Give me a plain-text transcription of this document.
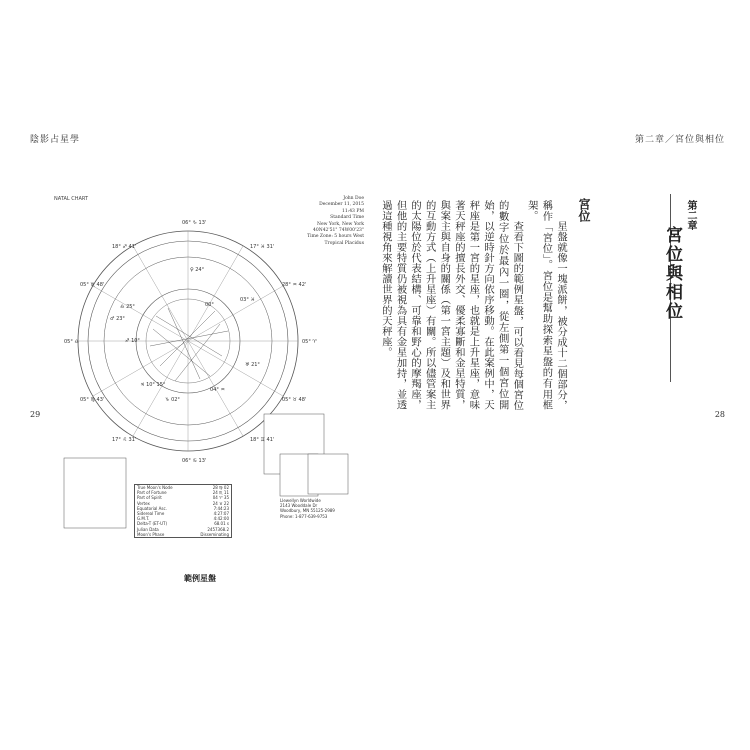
陰影占星學
06° ♑ 13'
18° ♐ 41'
05° ♏ 48'
05° ♎
05° ♍ 43'
17° ♌ 31'
06° ♋ 13'
18° ♊ 41'
05° ♉ 48'
05° ♈
28° ♒ 42'
17° ♓ 31'
♀ 24°
♎ 25°
♂ 23°
♐ 10°
♃ 10° 15°
♑ 02°
04° ♒
♅ 21°
03° ♓
00°
NATAL CHART	John Doe
December 11, 2015
11:43 PM
Standard Time
New York, New York
40N42'51" 74W00'23"
Time Zone: 5 hours West
Tropical Placidus
True Moon's Node	28 ♍ 02
Part of Fortune	24 ♏ 11
Part of Spirit	04 ♈ 35
Vertex	24 ♉ 22
Equatorial Asc.	7:44:23
Sidereal Time	4:27:07
G.M.T.	4:42:00
Delta-T (ET-UT)	68.01 s
Julian Data	2457368.2
Moon's Phase	Disseminating
Llewellyn Worldwide
2143 Wooddale Dr
Woodbury, MN 55125-2989
Phone: 1-877-639-9753
範例星盤
29
第二章／宮位與相位
第二章
宮位與相位
宮位

星盤就像一塊派餅，被分成十二個部分，稱作「宮位」。宮位是幫助探索星盤的有用框架。

查看下圖的範例星盤，可以看見每個宮位的數字位於最內一圈，從左側第一個宮位開始，以逆時針方向依序移動。在此案例中，天秤座是第一宮的星座，也就是上升星座，意味著天秤座的擅長外交、優柔寡斷和金星特質，與案主與自身的關係（第一宮主題）及和世界的互動方式（上升星座）有關。所以儘管案主的太陽位於代表結構、可靠和野心的摩羯座，但他的主要特質仍被視為具有金星加持，並透過這種視角來解讀世界的天秤座。

28
